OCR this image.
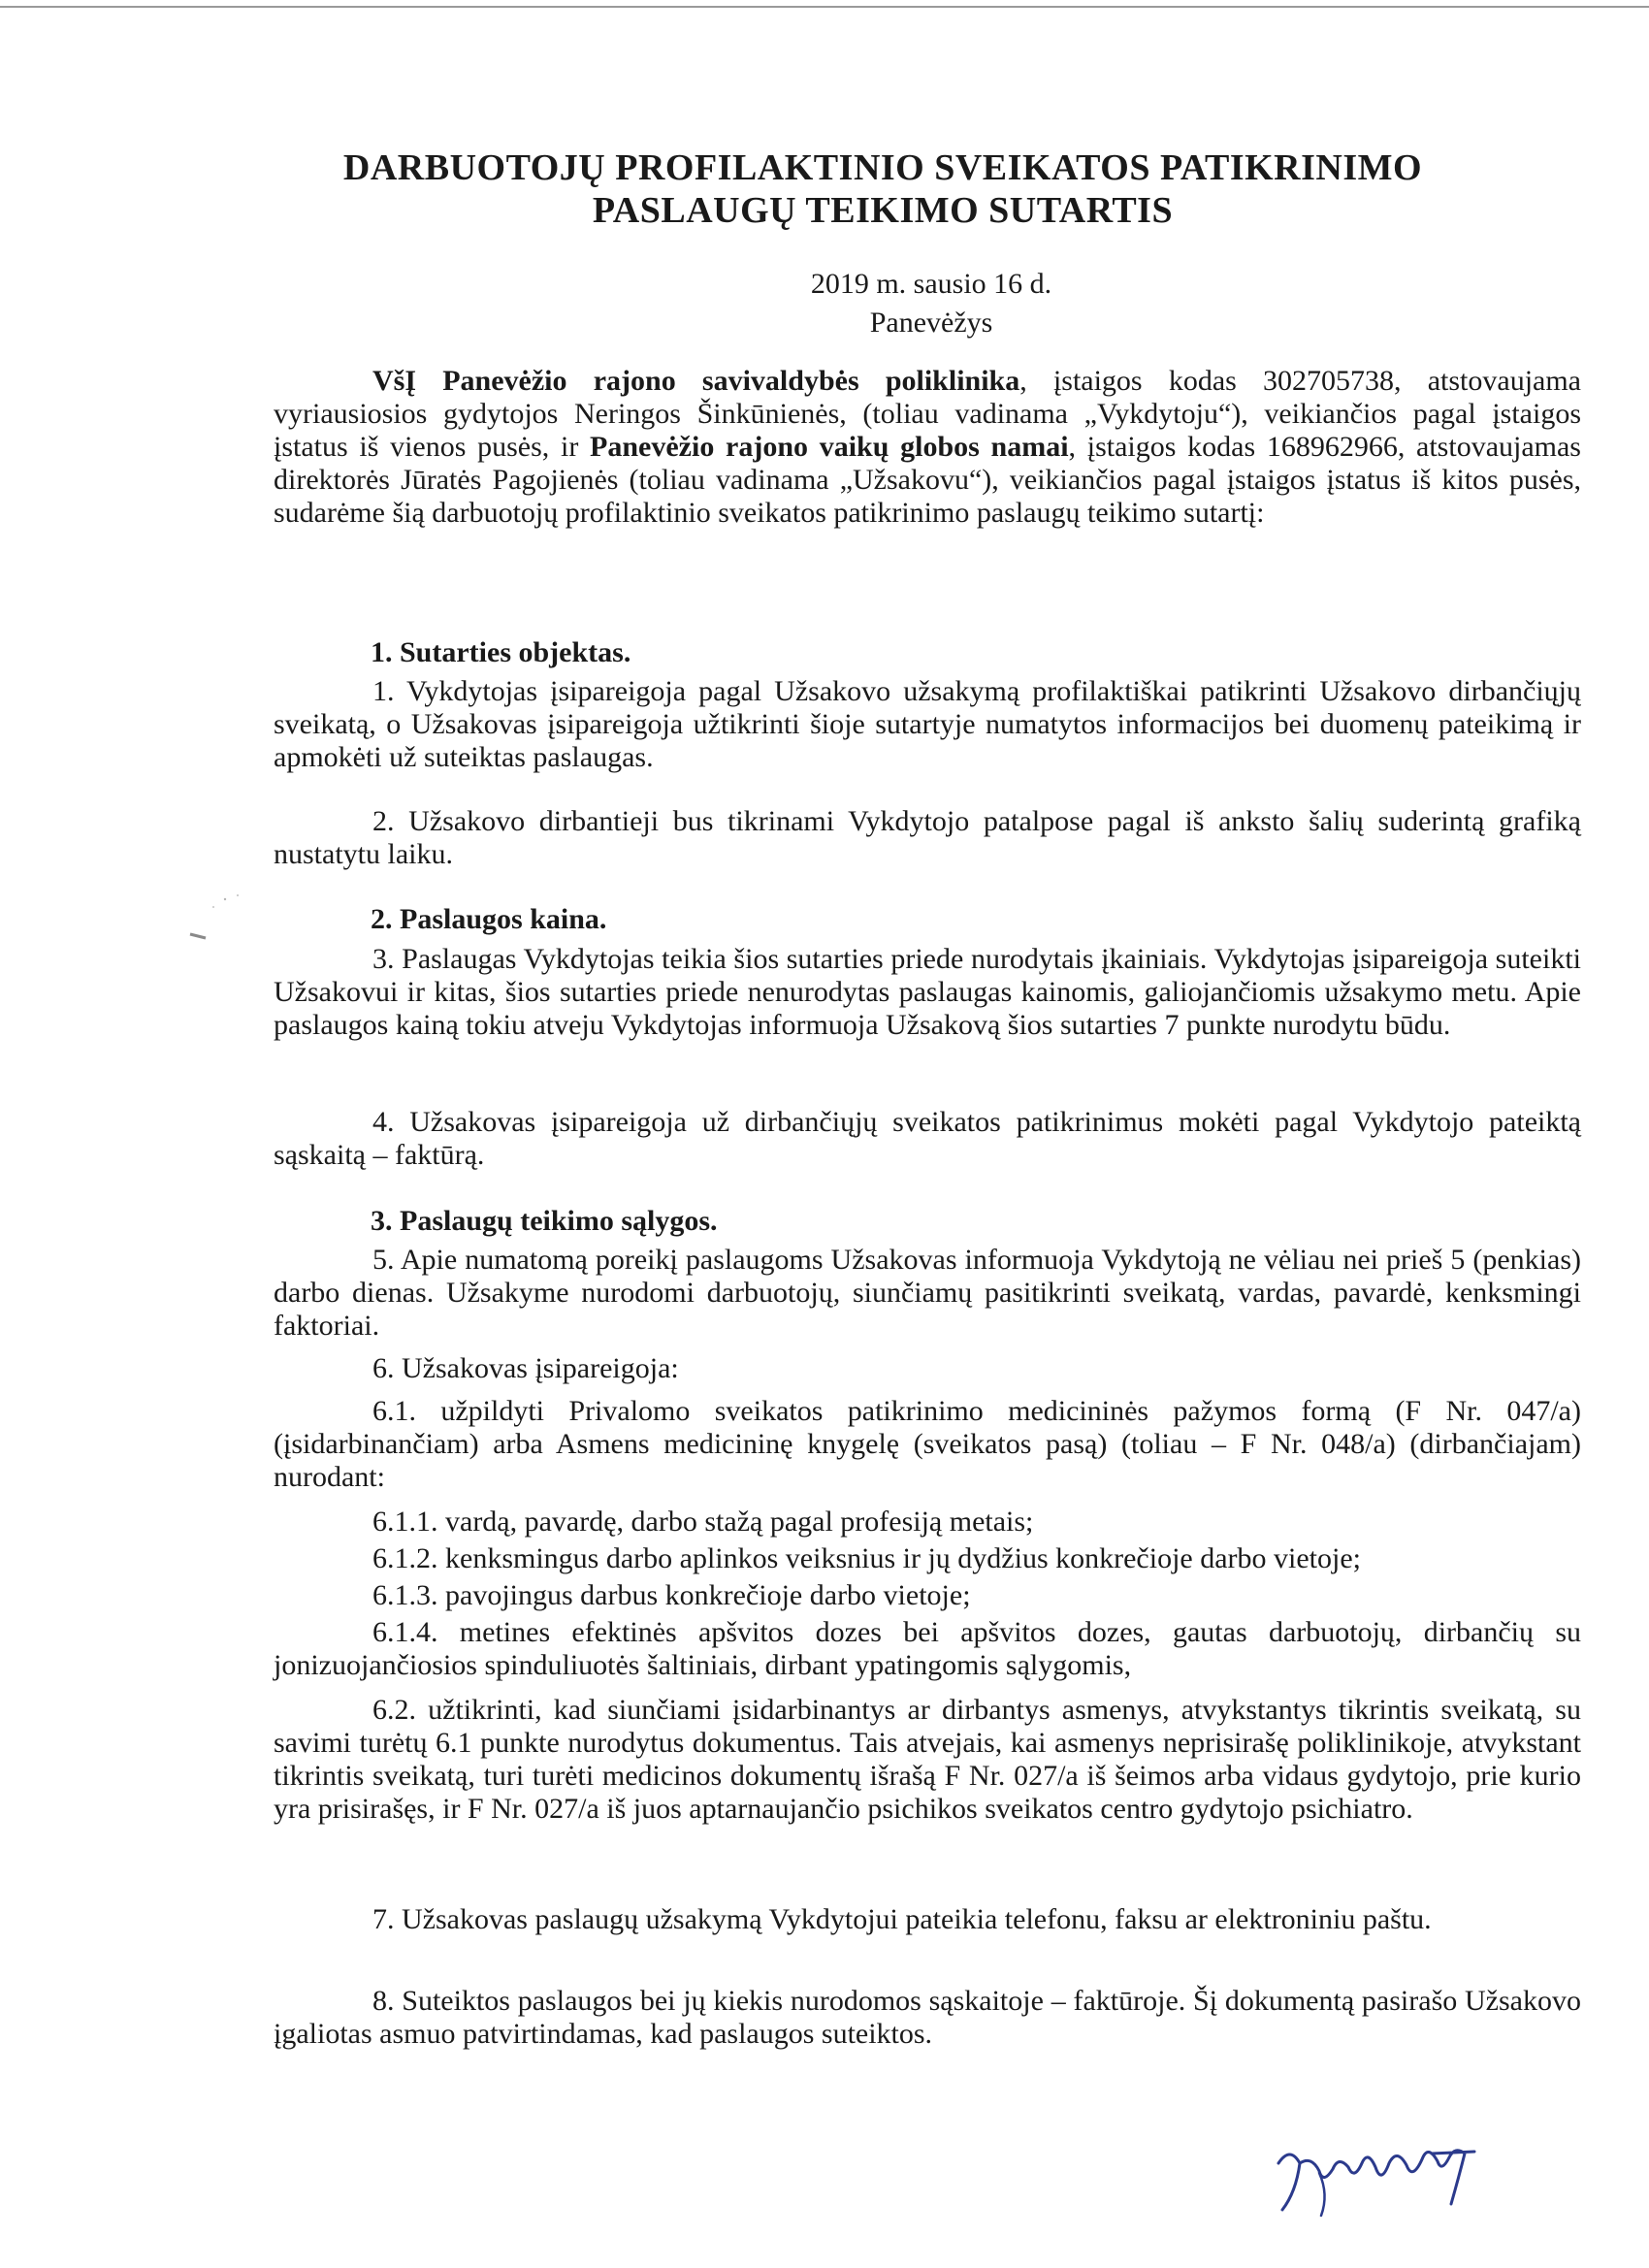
DARBUOTOJŲ PROFILAKTINIO SVEIKATOS PATIKRINIMO
PASLAUGŲ TEIKIMO SUTARTIS

2019 m. sausio 16 d.

Panevėžys

VšĮ Panevėžio rajono savivaldybės poliklinika, įstaigos kodas 302705738, atstovaujama vyriausiosios gydytojos Neringos Šinkūnienės, (toliau vadinama „Vykdytoju“), veikiančios pagal įstaigos įstatus iš vienos pusės, ir Panevėžio rajono vaikų globos namai, įstaigos kodas 168962966, atstovaujamas direktorės Jūratės Pagojienės (toliau vadinama „Užsakovu“), veikiančios pagal įstaigos įstatus iš kitos pusės, sudarėme šią darbuotojų profilaktinio sveikatos patikrinimo paslaugų teikimo sutartį:

1. Sutarties objektas.

1. Vykdytojas įsipareigoja pagal Užsakovo užsakymą profilaktiškai patikrinti Užsakovo dirbančiųjų sveikatą, o Užsakovas įsipareigoja užtikrinti šioje sutartyje numatytos informacijos bei duomenų pateikimą ir apmokėti už suteiktas paslaugas.

2. Užsakovo dirbantieji bus tikrinami Vykdytojo patalpose pagal iš anksto šalių suderintą grafiką nustatytu laiku.

2. Paslaugos kaina.

3. Paslaugas Vykdytojas teikia šios sutarties priede nurodytais įkainiais. Vykdytojas įsipareigoja suteikti Užsakovui ir kitas, šios sutarties priede nenurodytas paslaugas kainomis, galiojančiomis užsakymo metu. Apie paslaugos kainą tokiu atveju Vykdytojas informuoja Užsakovą šios sutarties 7 punkte nurodytu būdu.

4. Užsakovas įsipareigoja už dirbančiųjų sveikatos patikrinimus mokėti pagal Vykdytojo pateiktą sąskaitą – faktūrą.

3. Paslaugų teikimo sąlygos.

5. Apie numatomą poreikį paslaugoms Užsakovas informuoja Vykdytoją ne vėliau nei prieš 5 (penkias) darbo dienas. Užsakyme nurodomi darbuotojų, siunčiamų pasitikrinti sveikatą, vardas, pavardė, kenksmingi faktoriai.

6. Užsakovas įsipareigoja:

6.1. užpildyti Privalomo sveikatos patikrinimo medicininės pažymos formą (F Nr. 047/a) (įsidarbinančiam) arba Asmens medicininę knygelę (sveikatos pasą) (toliau – F Nr. 048/a) (dirbančiajam) nurodant:

6.1.1. vardą, pavardę, darbo stažą pagal profesiją metais;

6.1.2. kenksmingus darbo aplinkos veiksnius ir jų dydžius konkrečioje darbo vietoje;

6.1.3. pavojingus darbus konkrečioje darbo vietoje;

6.1.4. metines efektinės apšvitos dozes bei apšvitos dozes, gautas darbuotojų, dirbančių su jonizuojančiosios spinduliuotės šaltiniais, dirbant ypatingomis sąlygomis,

6.2. užtikrinti, kad siunčiami įsidarbinantys ar dirbantys asmenys, atvykstantys tikrintis sveikatą, su savimi turėtų 6.1 punkte nurodytus dokumentus. Tais atvejais, kai asmenys neprisirašę poliklinikoje, atvykstant tikrintis sveikatą, turi turėti medicinos dokumentų išrašą F Nr. 027/a iš šeimos arba vidaus gydytojo, prie kurio yra prisirašęs, ir F Nr. 027/a iš juos aptarnaujančio psichikos sveikatos centro gydytojo psichiatro.

7. Užsakovas paslaugų užsakymą Vykdytojui pateikia telefonu, faksu ar elektroniniu paštu.

8. Suteiktos paslaugos bei jų kiekis nurodomos sąskaitoje – faktūroje. Šį dokumentą pasirašo Užsakovo įgaliotas asmuo patvirtindamas, kad paslaugos suteiktos.
